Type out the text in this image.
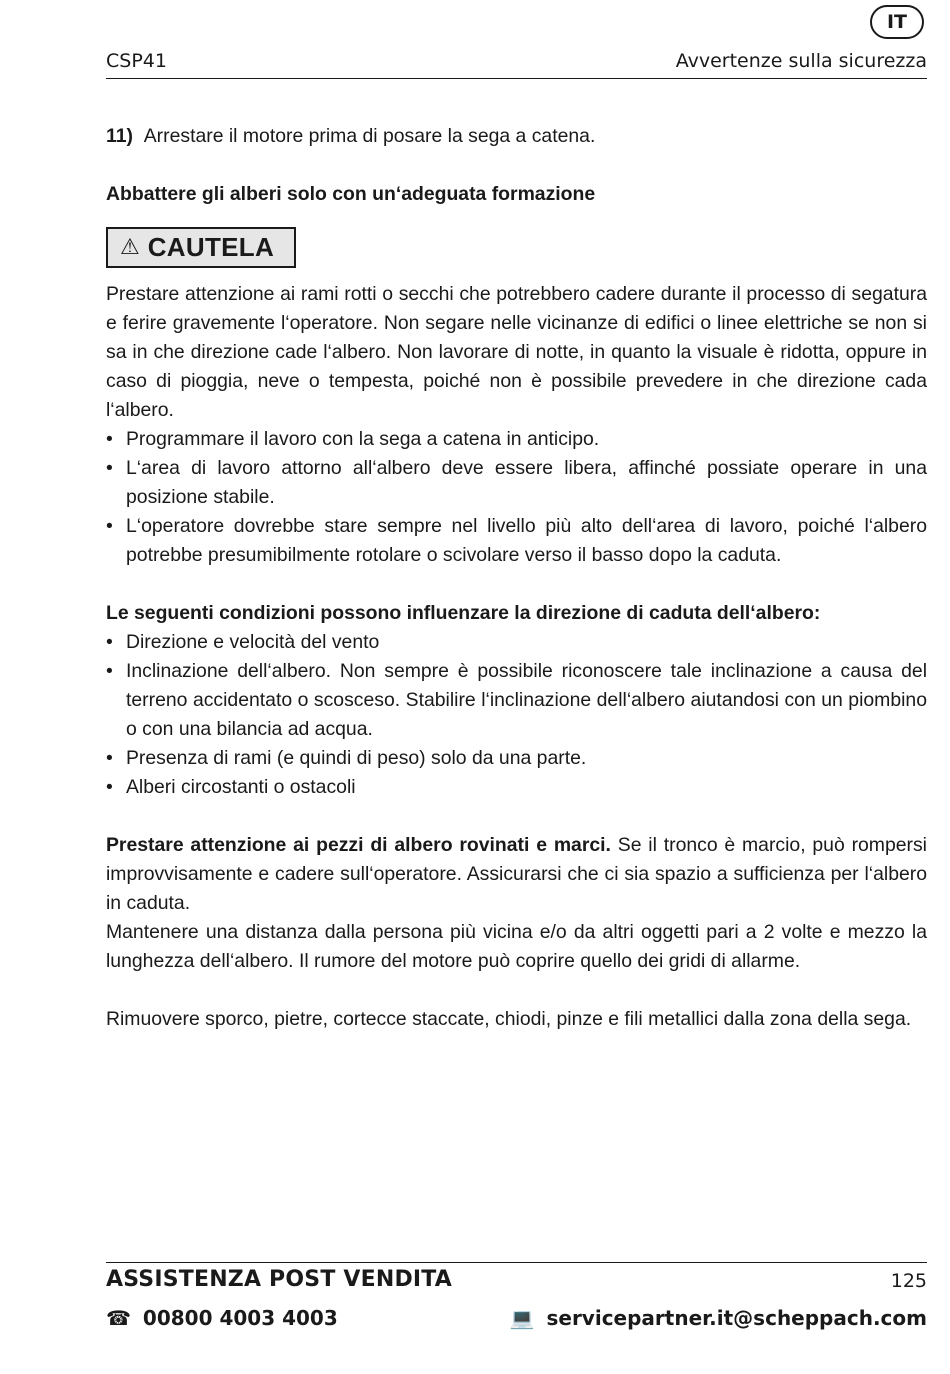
IT
CSP41	Avvertenze sulla sicurezza

11) Arrestare il motore prima di posare la sega a catena.

Abbattere gli alberi solo con un‘adeguata formazione

⚠ CAUTELA

Prestare attenzione ai rami rotti o secchi che potrebbero cadere durante il processo di segatura e ferire gravemente l‘operatore. Non segare nelle vicinanze di edifici o linee elettriche se non si sa in che direzione cade l‘albero. Non lavorare di notte, in quanto la visuale è ridotta, oppure in caso di pioggia, neve o tempesta, poiché non è possibile prevedere in che direzione cada l‘albero.

• Programmare il lavoro con la sega a catena in anticipo.
• L‘area di lavoro attorno all‘albero deve essere libera, affinché possiate operare in una posizione stabile.
• L‘operatore dovrebbe stare sempre nel livello più alto dell‘area di lavoro, poiché l‘albero potrebbe presumibilmente rotolare o scivolare verso il basso dopo la caduta.

Le seguenti condizioni possono influenzare la direzione di caduta dell‘albero:

• Direzione e velocità del vento
• Inclinazione dell‘albero. Non sempre è possibile riconoscere tale inclinazione a causa del terreno accidentato o scosceso. Stabilire l‘inclinazione dell‘albero aiutandosi con un piombino o con una bilancia ad acqua.
• Presenza di rami (e quindi di peso) solo da una parte.
• Alberi circostanti o ostacoli

Prestare attenzione ai pezzi di albero rovinati e marci. Se il tronco è marcio, può rompersi improvvisamente e cadere sull‘operatore. Assicurarsi che ci sia spazio a sufficienza per l‘albero in caduta.

Mantenere una distanza dalla persona più vicina e/o da altri oggetti pari a 2 volte e mezzo la lunghezza dell‘albero. Il rumore del motore può coprire quello dei gridi di allarme.

Rimuovere sporco, pietre, cortecce staccate, chiodi, pinze e fili metallici dalla zona della sega.

ASSISTENZA POST VENDITA	125
☎ 00800 4003 4003	💻 servicepartner.it@scheppach.com
